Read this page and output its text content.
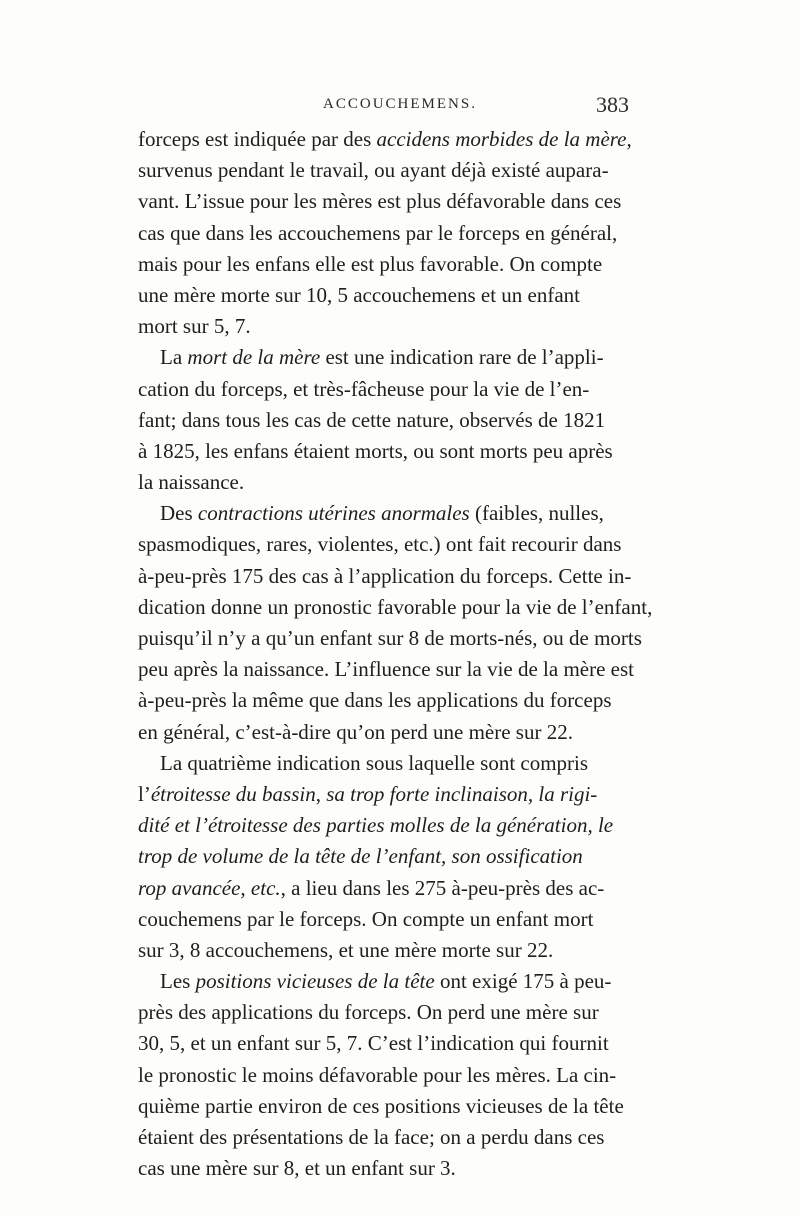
ACCOUCHEMENS.	383

forceps est indiquée par des accidens morbides de la mère,
survenus pendant le travail, ou ayant déjà existé aupara-
vant. L’issue pour les mères est plus défavorable dans ces
cas que dans les accouchemens par le forceps en général,
mais pour les enfans elle est plus favorable. On compte
une mère morte sur 10, 5 accouchemens et un enfant
mort sur 5, 7.

La mort de la mère est une indication rare de l’appli-
cation du forceps, et très-fâcheuse pour la vie de l’en-
fant; dans tous les cas de cette nature, observés de 1821
à 1825, les enfans étaient morts, ou sont morts peu après
la naissance.

Des contractions utérines anormales (faibles, nulles,
spasmodiques, rares, violentes, etc.) ont fait recourir dans
à-peu-près 175 des cas à l’application du forceps. Cette in-
dication donne un pronostic favorable pour la vie de l’enfant,
puisqu’il n’y a qu’un enfant sur 8 de morts-nés, ou de morts
peu après la naissance. L’influence sur la vie de la mère est
à-peu-près la même que dans les applications du forceps
en général, c’est-à-dire qu’on perd une mère sur 22.

La quatrième indication sous laquelle sont compris
l’étroitesse du bassin, sa trop forte inclinaison, la rigi-
dité et l’étroitesse des parties molles de la génération, le
trop de volume de la tête de l’enfant, son ossification
rop avancée, etc., a lieu dans les 275 à-peu-près des ac-
couchemens par le forceps. On compte un enfant mort
sur 3, 8 accouchemens, et une mère morte sur 22.

Les positions vicieuses de la tête ont exigé 175 à peu-
près des applications du forceps. On perd une mère sur
30, 5, et un enfant sur 5, 7. C’est l’indication qui fournit
le pronostic le moins défavorable pour les mères. La cin-
quième partie environ de ces positions vicieuses de la tête
étaient des présentations de la face; on a perdu dans ces
cas une mère sur 8, et un enfant sur 3.
